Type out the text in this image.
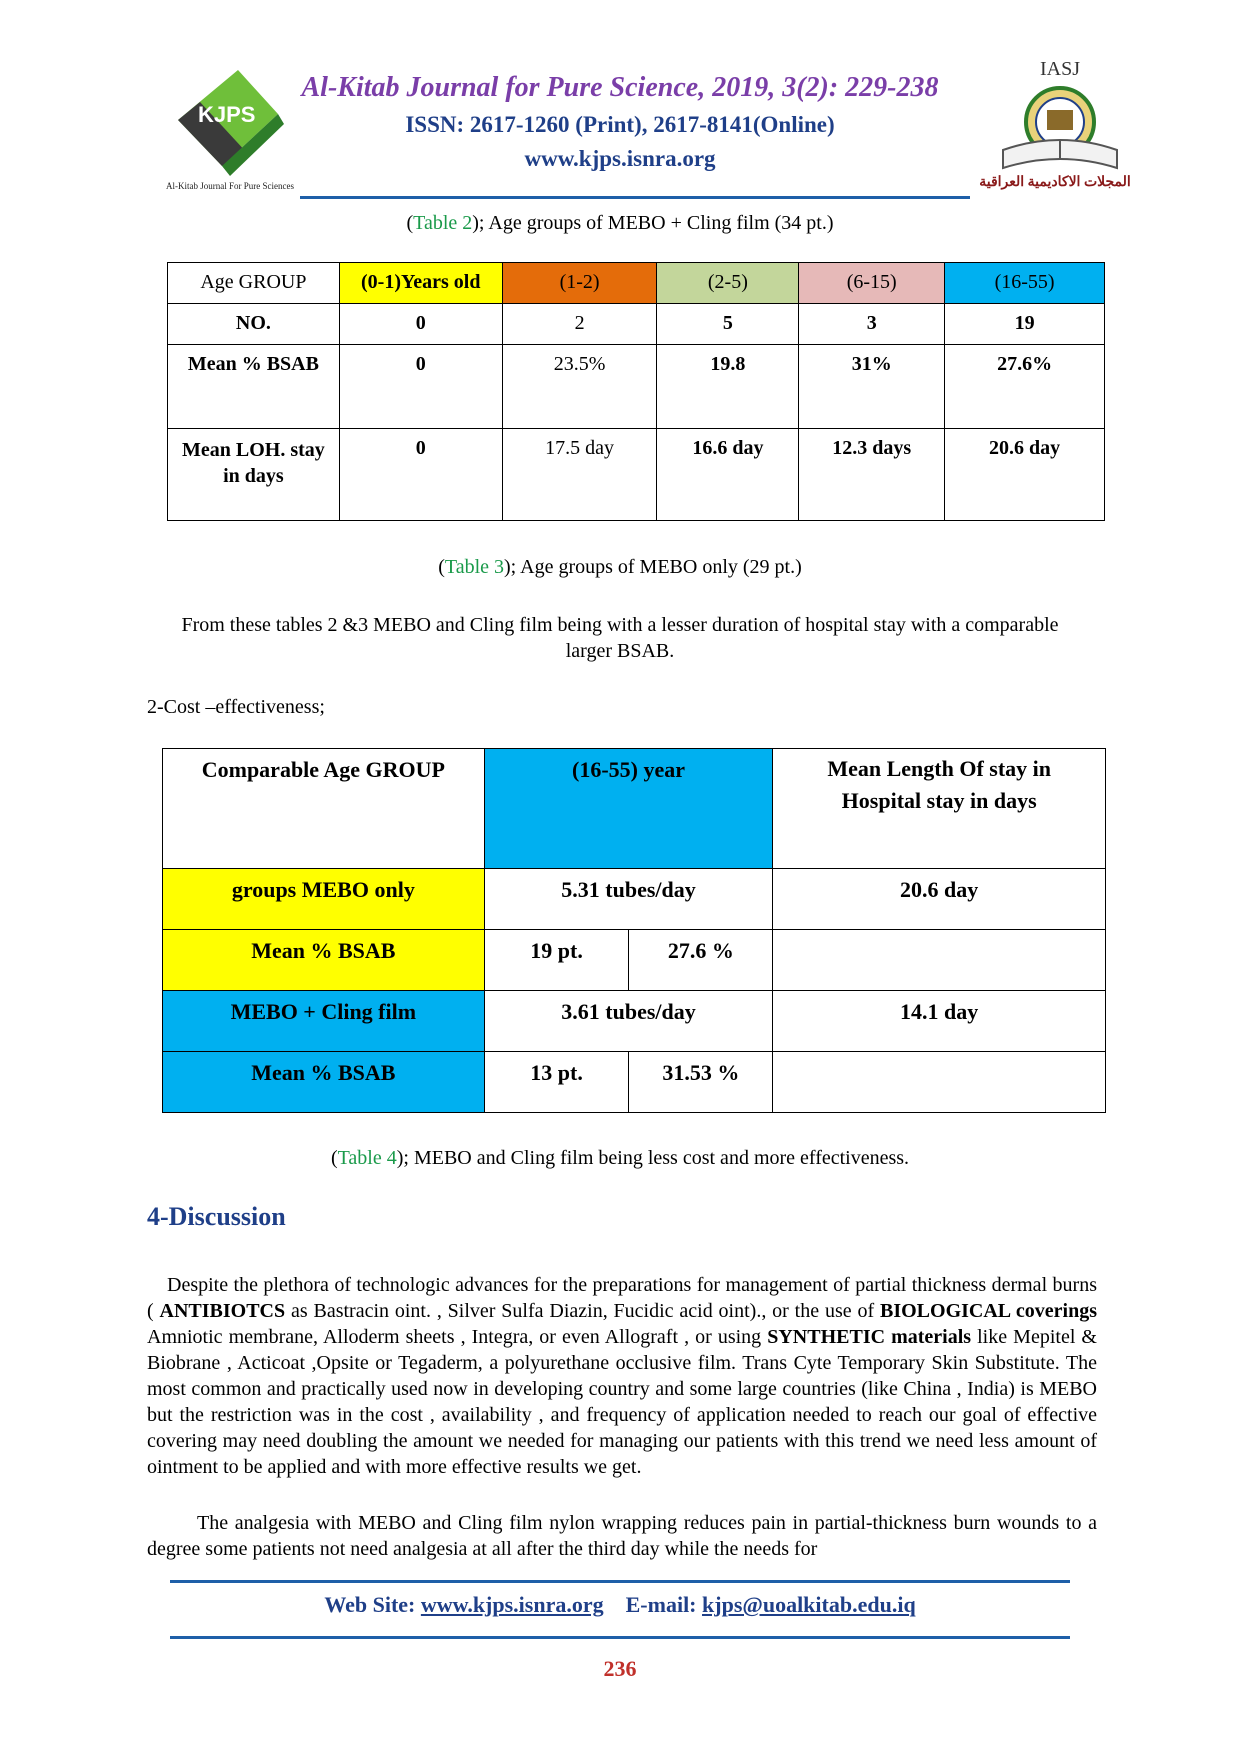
KJPS
Al-Kitab Journal For Pure Sciences
Al-Kitab Journal for Pure Science, 2019, 3(2): 229-238
ISSN: 2617-1260 (Print), 2617-8141(Online)
www.kjps.isnra.org
IASJ
المجلات الاكاديمية العراقية
(Table 2); Age groups of MEBO + Cling film (34 pt.)
Age GROUP	(0-1)Years old	(1-2)	(2-5)	(6-15)	(16-55)
NO.	0	2	5	3	19
Mean % BSAB	0	23.5%	19.8	31%	27.6%
Mean LOH. stay in days	0	17.5 day	16.6 day	12.3 days	20.6 day
(Table 3); Age groups of MEBO only (29 pt.)
From these tables 2 &3 MEBO and Cling film being with a lesser duration of hospital stay with a comparable larger BSAB.
2-Cost –effectiveness;
Comparable Age GROUP	(16-55) year		Mean Length Of stay in Hospital stay in days
groups MEBO only	5.31 tubes/day		20.6 day
Mean % BSAB	19 pt.	27.6 %	
MEBO + Cling film	3.61 tubes/day		14.1 day
Mean % BSAB	13 pt.	31.53 %	
(Table 4); MEBO and Cling film being less cost and more effectiveness.
4-Discussion
Despite the plethora of technologic advances for the preparations for management of partial thickness dermal burns ( ANTIBIOTCS as Bastracin oint. , Silver Sulfa Diazin, Fucidic acid oint)., or the use of BIOLOGICAL coverings Amniotic membrane, Alloderm sheets , Integra, or even Allograft , or using SYNTHETIC materials like Mepitel & Biobrane , Acticoat ,Opsite or Tegaderm, a polyurethane occlusive film. Trans Cyte Temporary Skin Substitute. The most common and practically used now in developing country and some large countries (like China , India) is MEBO but the restriction was in the cost , availability , and frequency of application needed to reach our goal of effective covering may need doubling the amount we needed for managing our patients with this trend we need less amount of ointment to be applied and with more effective results we get.
The analgesia with MEBO and Cling film nylon wrapping reduces pain in partial-thickness burn wounds to a degree some patients not need analgesia at all after the third day while the needs for
Web Site: www.kjps.isnra.org E-mail: kjps@uoalkitab.edu.iq
236
